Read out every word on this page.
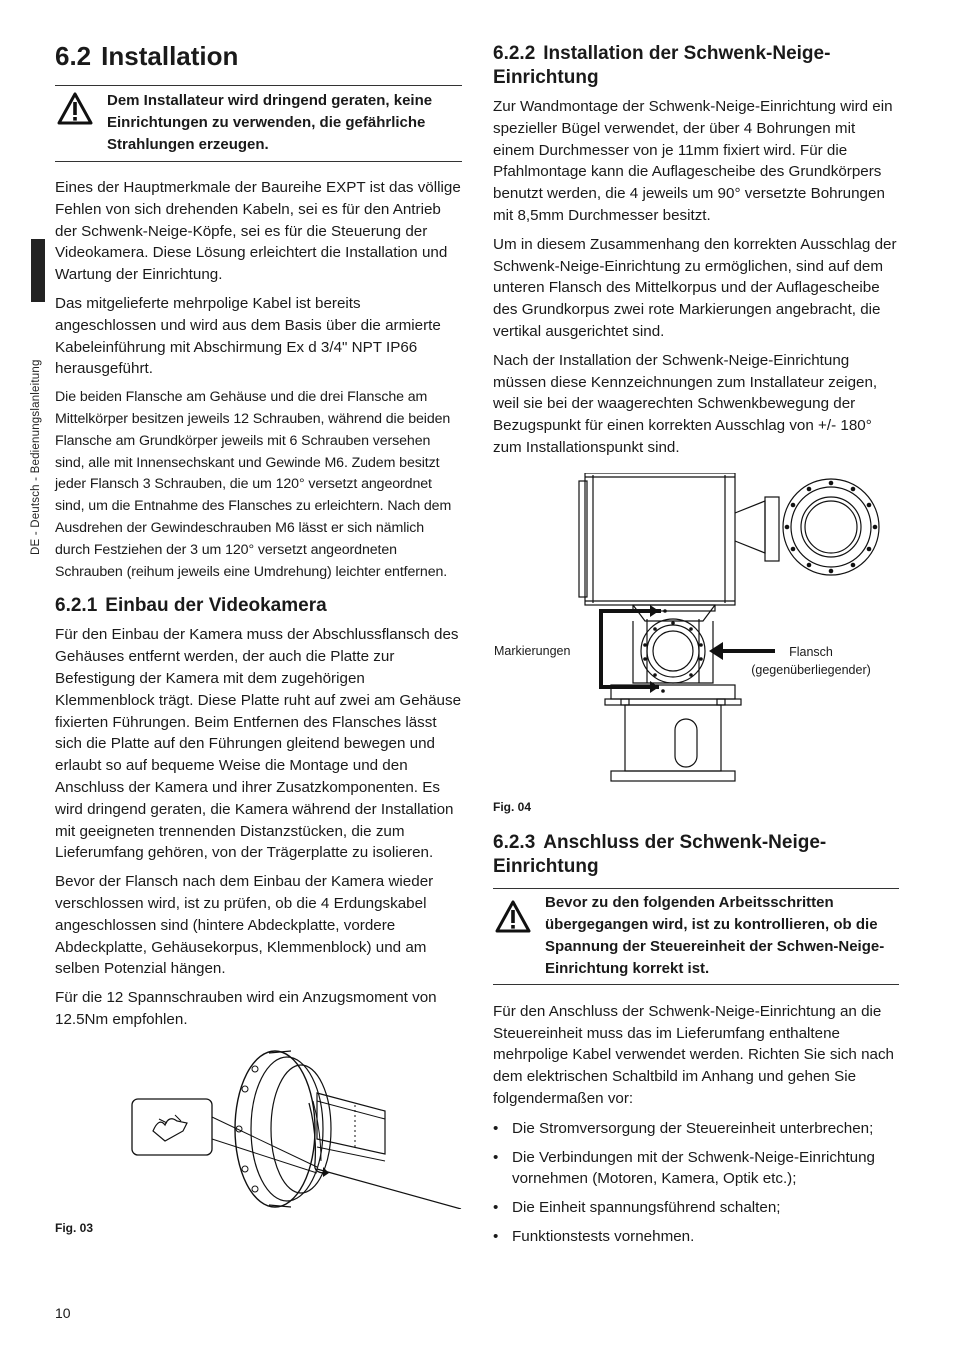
DE - Deutsch - Bedienungslanleitung
6.2 Installation
Dem Installateur wird dringend geraten, keine Einrichtungen zu verwenden, die gefährliche Strahlungen erzeugen.

Eines der Hauptmerkmale der Baureihe EXPT ist das völlige Fehlen von sich drehenden Kabeln, sei es für den Antrieb der Schwenk-Neige-Köpfe, sei es für die Steuerung der Videokamera. Diese Lösung erleichtert die Installation und Wartung der Einrichtung.

Das mitgelieferte mehrpolige Kabel ist bereits angeschlossen und wird aus dem Basis über die armierte Kabeleinführung mit Abschirmung Ex d 3/4" NPT IP66 herausgeführt.

Die beiden Flansche am Gehäuse und die drei Flansche am Mittelkörper besitzen jeweils 12 Schrauben, während die beiden Flansche am Grundkörper jeweils mit 6 Schrauben versehen sind, alle mit Innensechskant und Gewinde M6. Zudem besitzt jeder Flansch 3 Schrauben, die um 120° versetzt angeordnet sind, um die Entnahme des Flansches zu erleichtern. Nach dem Ausdrehen der Gewindeschrauben M6 lässt er sich nämlich durch Festziehen der 3 um 120° versetzt angeordneten Schrauben (reihum jeweils eine Umdrehung) leichter entfernen.

6.2.1 Einbau der Videokamera

Für den Einbau der Kamera muss der Abschlussflansch des Gehäuses entfernt werden, der auch die Platte zur Befestigung der Kamera mit dem zugehörigen Klemmenblock trägt. Diese Platte ruht auf zwei am Gehäuse fixierten Führungen. Beim Entfernen des Flansches lässt sich die Platte auf den Führungen gleitend bewegen und erlaubt so auf bequeme Weise die Montage und den Anschluss der Kamera und ihrer Zusatzkomponenten. Es wird dringend geraten, die Kamera während der Installation mit geeigneten trennenden Distanzstücken, die zum Lieferumfang gehören, von der Trägerplatte zu isolieren.

Bevor der Flansch nach dem Einbau der Kamera wieder verschlossen wird, ist zu prüfen, ob die 4 Erdungskabel angeschlossen sind (hintere Abdeckplatte, vordere Abdeckplatte, Gehäusekorpus, Klemmenblock) und am selben Potenzial hängen.

Für die 12 Spannschrauben wird ein Anzugsmoment von 12.5Nm empfohlen.

Fig. 03
6.2.2 Installation der Schwenk-Neige-Einrichtung

Zur Wandmontage der Schwenk-Neige-Einrichtung wird ein spezieller Bügel verwendet, der über 4 Bohrungen mit einem Durchmesser von je 11mm fixiert wird. Für die Pfahlmontage kann die Auflagescheibe des Grundkörpers benutzt werden, die 4 jeweils um 90° versetzte Bohrungen mit 8,5mm Durchmesser besitzt.

Um in diesem Zusammenhang den korrekten Ausschlag der Schwenk-Neige-Einrichtung zu ermöglichen, sind auf dem unteren Flansch des Mittelkorpus und der Auflagescheibe des Grundkorpus zwei rote Markierungen angebracht, die vertikal ausgerichtet sind.

Nach der Installation der Schwenk-Neige-Einrichtung müssen diese Kennzeichnungen zum Installateur zeigen, weil sie bei der waagerechten Schwenkbewegung der Bezugspunkt für einen korrekten Ausschlag von +/- 180° zum Installationspunkt sind.

Markierungen	Flansch
(gegenüberliegender)
Fig. 04
6.2.3 Anschluss der Schwenk-Neige-Einrichtung
Bevor zu den folgenden Arbeitsschritten übergegangen wird, ist zu kontrollieren, ob die Spannung der Steuereinheit der Schwen-Neige-Einrichtung korrekt ist.

Für den Anschluss der Schwenk-Neige-Einrichtung an die Steuereinheit muss das im Lieferumfang enthaltene mehrpolige Kabel verwendet werden. Richten Sie sich nach dem elektrischen Schaltbild im Anhang und gehen Sie folgendermaßen vor:

• Die Stromversorgung der Steuereinheit unterbrechen;
• Die Verbindungen mit der Schwenk-Neige-Einrichtung vornehmen (Motoren, Kamera, Optik etc.);
• Die Einheit spannungsführend schalten;
• Funktionstests vornehmen.
10
